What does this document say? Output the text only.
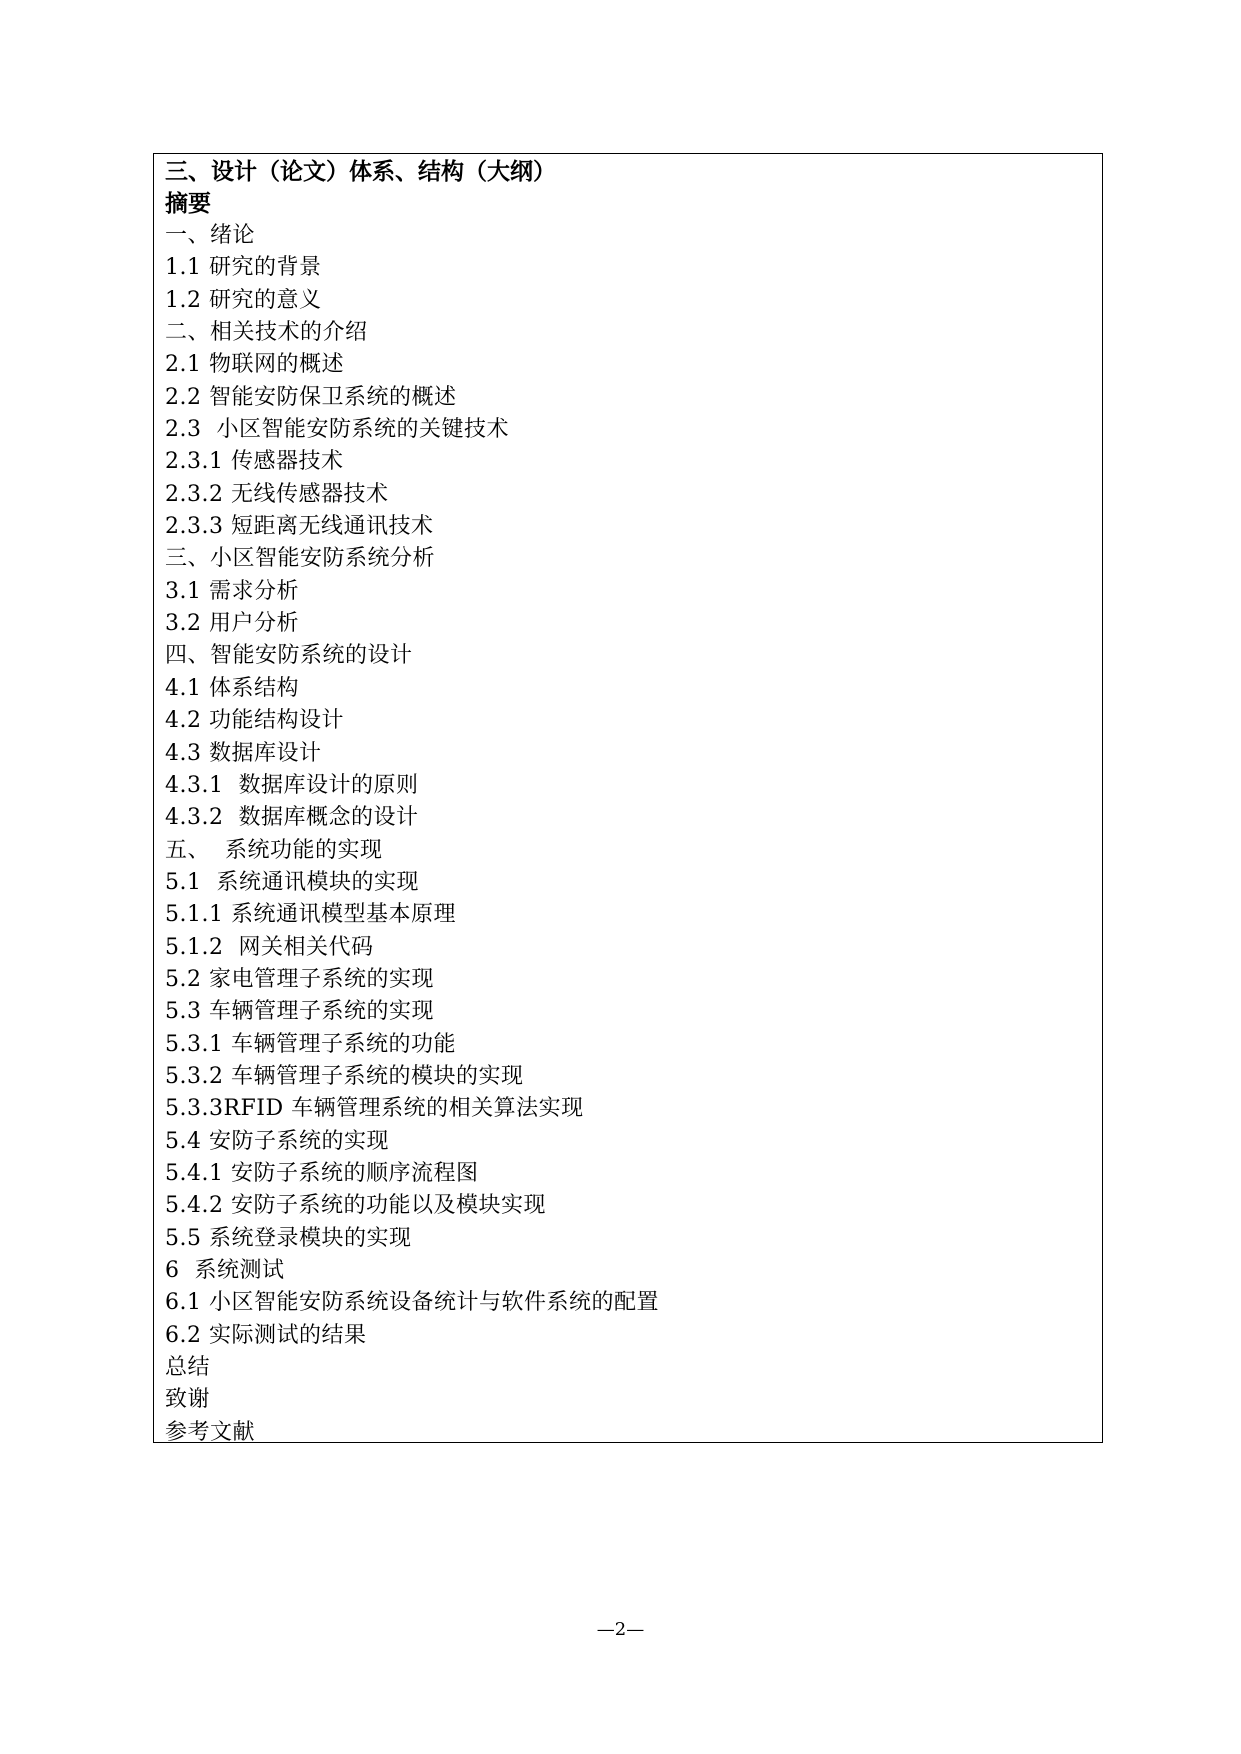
三、设计（论文）体系、结构（大纲）
摘要
一、绪论
1.1 研究的背景
1.2 研究的意义
二、相关技术的介绍
2.1 物联网的概述
2.2 智能安防保卫系统的概述
2.3  小区智能安防系统的关键技术
2.3.1 传感器技术
2.3.2 无线传感器技术
2.3.3 短距离无线通讯技术
三、小区智能安防系统分析
3.1 需求分析
3.2 用户分析
四、智能安防系统的设计
4.1 体系结构
4.2 功能结构设计
4.3 数据库设计
4.3.1  数据库设计的原则
4.3.2  数据库概念的设计
五、  系统功能的实现
5.1  系统通讯模块的实现
5.1.1 系统通讯模型基本原理
5.1.2  网关相关代码
5.2 家电管理子系统的实现
5.3 车辆管理子系统的实现
5.3.1 车辆管理子系统的功能
5.3.2 车辆管理子系统的模块的实现
5.3.3RFID 车辆管理系统的相关算法实现
5.4 安防子系统的实现
5.4.1 安防子系统的顺序流程图
5.4.2 安防子系统的功能以及模块实现
5.5 系统登录模块的实现
6  系统测试
6.1 小区智能安防系统设备统计与软件系统的配置
6.2 实际测试的结果
总结
致谢
参考文献
—2—
